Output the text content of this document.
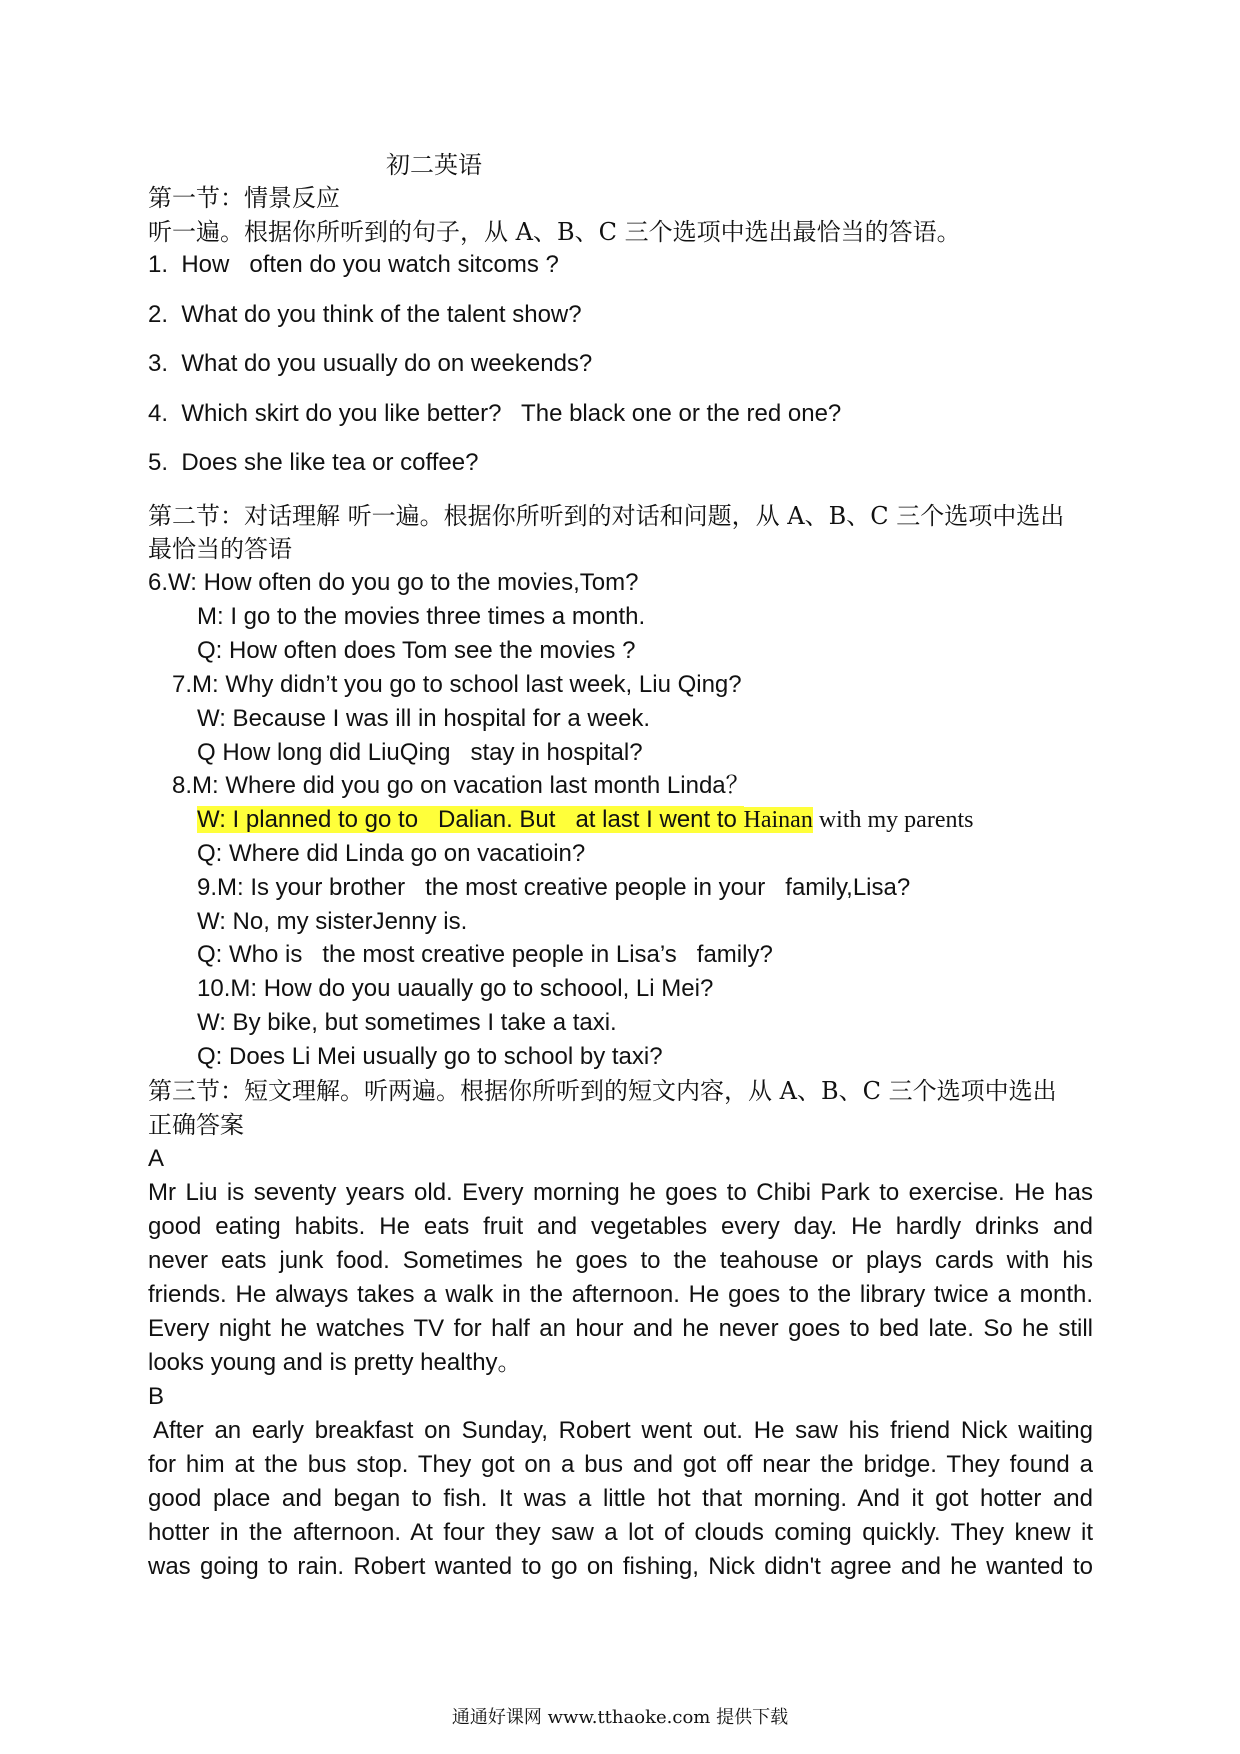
初二英语
第一节：情景反应
听一遍。根据你所听到的句子，从 A、B、C 三个选项中选出最恰当的答语。
1.  How   often do you watch sitcoms ?
2.  What do you think of the talent show?
3.  What do you usually do on weekends?
4.  Which skirt do you like better?   The black one or the red one?
5.  Does she like tea or coffee?
第二节：对话理解 听一遍。根据你所听到的对话和问题，从 A、B、C 三个选项中选出
最恰当的答语
6.W: How often do you go to the movies,Tom?
M: I go to the movies three times a month.
Q: How often does Tom see the movies ?
7.M: Why didn’t you go to school last week, Liu Qing?
W: Because I was ill in hospital for a week.
Q How long did LiuQing   stay in hospital?
8.M: Where did you go on vacation last month Linda？
W: I planned to go to   Dalian. But   at last I went to Hainan with my parents
Q: Where did Linda go on vacatioin?
9.M: Is your brother   the most creative people in your   family,Lisa?
W: No, my sisterJenny is.
Q: Who is   the most creative people in Lisa’s   family?
10.M: How do you uaually go to schoool, Li Mei?
W: By bike, but sometimes I take a taxi.
Q: Does Li Mei usually go to school by taxi?
第三节：短文理解。听两遍。根据你所听到的短文内容，从 A、B、C 三个选项中选出
正确答案
A
Mr Liu is seventy years old. Every morning he goes to Chibi Park to exercise. He has
good eating habits. He eats fruit and vegetables every day. He hardly drinks and
never eats junk food. Sometimes he goes to the teahouse or plays cards with his
friends. He always takes a walk in the afternoon. He goes to the library twice a month.
Every night he watches TV for half an hour and he never goes to bed late. So he still
looks young and is pretty healthy。
B
After an early breakfast on Sunday, Robert went out. He saw his friend Nick waiting
for him at the bus stop. They got on a bus and got off near the bridge. They found a
good place and began to fish. It was a little hot that morning. And it got hotter and
hotter in the afternoon. At four they saw a lot of clouds coming quickly. They knew it
was going to rain. Robert wanted to go on fishing, Nick didn't agree and he wanted to
通通好课网 www.tthaoke.com 提供下载
